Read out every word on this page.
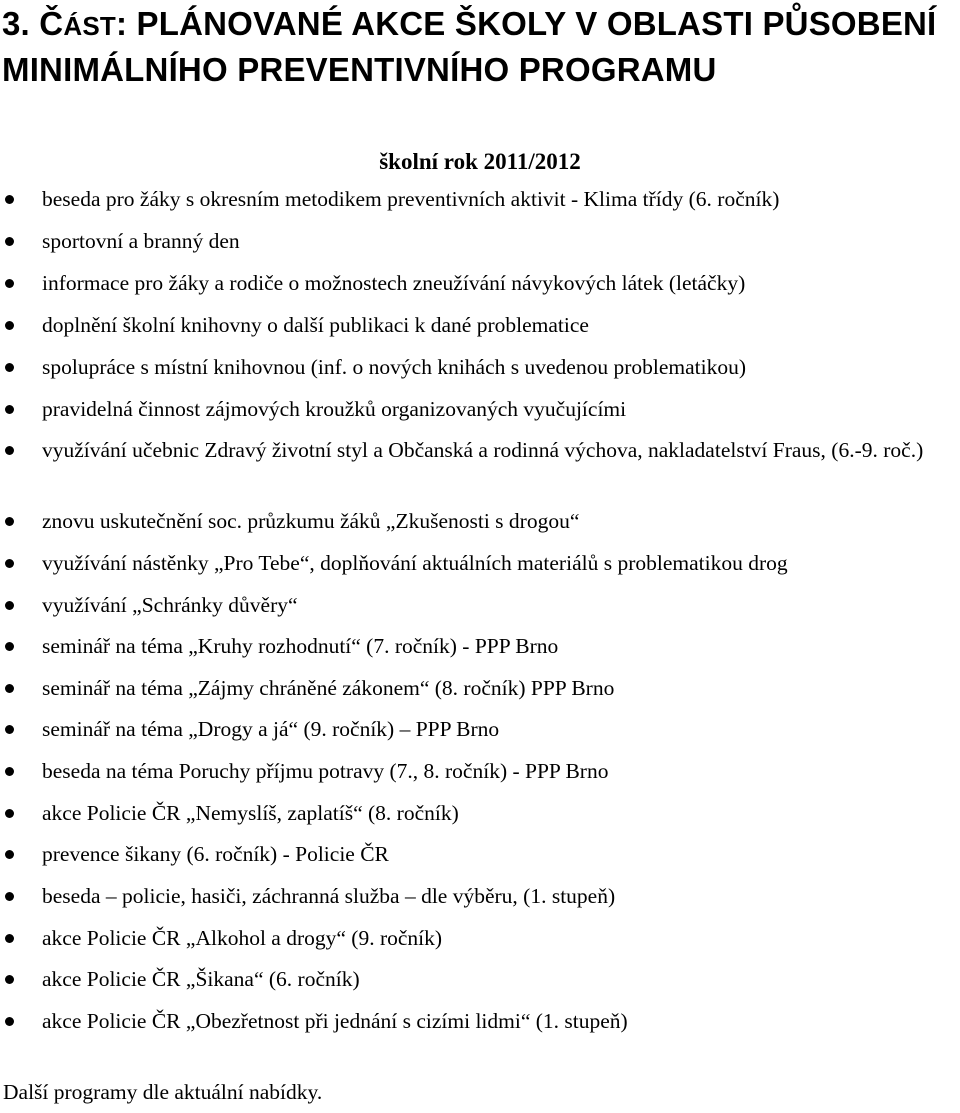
3. ČÁST: PLÁNOVANÉ AKCE ŠKOLY V OBLASTI PŮSOBENÍ MINIMÁLNÍHO PREVENTIVNÍHO PROGRAMU
školní rok 2011/2012
beseda pro žáky s okresním metodikem preventivních aktivit - Klima třídy (6. ročník)
sportovní a branný den
informace pro žáky a rodiče o možnostech zneužívání návykových látek (letáčky)
doplnění školní knihovny o další publikaci k dané problematice
spolupráce s místní knihovnou (inf. o nových knihách s uvedenou problematikou)
pravidelná činnost zájmových kroužků organizovaných vyučujícími
využívání učebnic Zdravý životní styl a Občanská a rodinná výchova, nakladatelství Fraus, (6.-9. roč.)
znovu uskutečnění soc. průzkumu žáků „Zkušenosti s drogou“
využívání nástěnky „Pro Tebe“, doplňování aktuálních materiálů s problematikou drog
využívání „Schránky důvěry“
seminář na téma „Kruhy rozhodnutí“ (7. ročník) - PPP Brno
seminář na téma „Zájmy chráněné zákonem“ (8. ročník) PPP Brno
seminář na téma „Drogy a já“ (9. ročník) – PPP Brno
beseda na téma Poruchy příjmu potravy (7., 8. ročník) - PPP Brno
akce Policie ČR „Nemyslíš, zaplatíš“ (8. ročník)
prevence šikany (6. ročník) - Policie ČR
beseda – policie, hasiči, záchranná služba – dle výběru, (1. stupeň)
akce Policie ČR „Alkohol a drogy“ (9. ročník)
akce Policie ČR „Šikana“ (6. ročník)
akce Policie ČR „Obezřetnost při jednání s cizími lidmi“ (1. stupeň)
Další programy dle aktuální nabídky.
